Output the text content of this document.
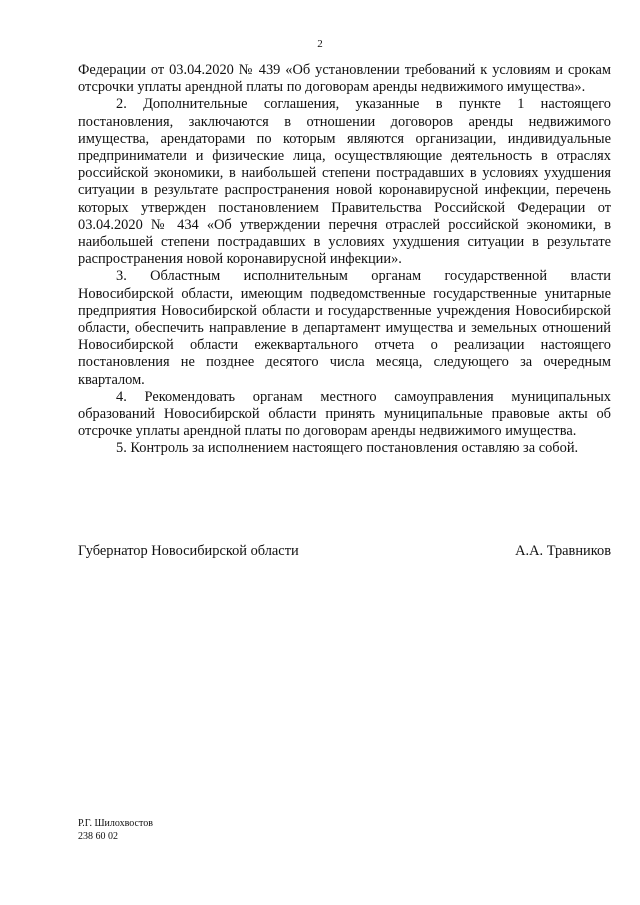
2

Федерации от 03.04.2020 № 439 «Об установлении требований к условиям и срокам отсрочки уплаты арендной платы по договорам аренды недвижимого имущества».

2. Дополнительные соглашения, указанные в пункте 1 настоящего постановления, заключаются в отношении договоров аренды недвижимого имущества, арендаторами по которым являются организации, индивидуальные предприниматели и физические лица, осуществляющие деятельность в отраслях российской экономики, в наибольшей степени пострадавших в условиях ухудшения ситуации в результате распространения новой коронавирусной инфекции, перечень которых утвержден постановлением Правительства Российской Федерации от 03.04.2020 № 434 «Об утверждении перечня отраслей российской экономики, в наибольшей степени пострадавших в условиях ухудшения ситуации в результате распространения новой коронавирусной инфекции».

3. Областным исполнительным органам государственной власти Новосибирской области, имеющим подведомственные государственные унитарные предприятия Новосибирской области и государственные учреждения Новосибирской области, обеспечить направление в департамент имущества и земельных отношений Новосибирской области ежеквартального отчета о реализации настоящего постановления не позднее десятого числа месяца, следующего за очередным кварталом.

4. Рекомендовать органам местного самоуправления муниципальных образований Новосибирской области принять муниципальные правовые акты об отсрочке уплаты арендной платы по договорам аренды недвижимого имущества.

5. Контроль за исполнением настоящего постановления оставляю за собой.

Губернатор Новосибирской области	А.А. Травников
Р.Г. Шилохвостов
238 60 02
